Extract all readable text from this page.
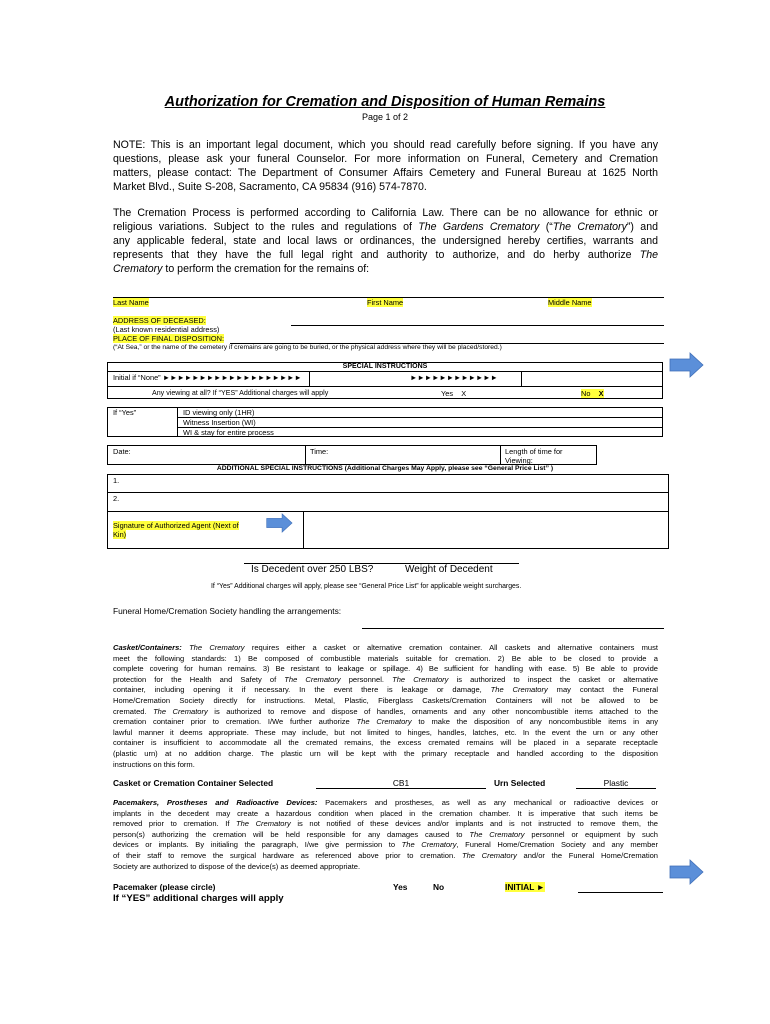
Authorization for Cremation and Disposition of Human Remains
Page 1 of 2
NOTE: This is an important legal document, which you should read carefully before signing. If you have any
questions, please ask your funeral Counselor. For more information on Funeral, Cemetery and Cremation
matters, please contact: The Department of Consumer Affairs Cemetery and Funeral Bureau at 1625 North
Market Blvd., Suite S-208, Sacramento, CA 95834 (916) 574-7870.
The Cremation Process is performed according to California Law. There can be no allowance for ethnic or
religious variations. Subject to the rules and regulations of The Gardens Crematory (“The Crematory”) and
any applicable federal, state and local laws or ordinances, the undersigned hereby certifies, warrants and
represents that they have the full legal right and authority to authorize, and do herby authorize The
Crematory to perform the cremation for the remains of:
Last Name	First Name	Middle Name
ADDRESS OF DECEASED:
(Last known residential address)
PLACE OF FINAL DISPOSITION:
(“At Sea,” or the name of the cemetery if cremains are going to be buried, or the physical address where they will be placed/stored.)
SPECIAL INSTRUCTIONS
Initial if “None” ►►►►►►►►►►►►►►►►►►►	►►►►►►►►►►►►
Any viewing at all? If “YES” Additional charges will apply	Yes X	No X
If “Yes”	ID viewing only (1HR)
Witness Insertion (WI)
WI & stay for entire process
Date:	Time:	Length of time for
Viewing:
ADDITIONAL SPECIAL INSTRUCTIONS (Additional Charges May Apply, please see “General Price List” )
1.
2.
Signature of Authorized Agent (Next of
Kin)
Is Decedent over 250 LBS?	Weight of Decedent
If “Yes” Additional charges will apply, please see “General Price List” for applicable weight surcharges.
Funeral Home/Cremation Society handling the arrangements:
Casket/Containers: The Crematory requires either a casket or alternative cremation container. All caskets and alternative containers must
meet the following standards: 1) Be composed of combustible materials suitable for cremation. 2) Be able to be closed to provide a
complete covering for human remains. 3) Be resistant to leakage or spillage. 4) Be sufficient for handling with ease. 5) Be able to provide
protection for the Health and Safety of The Crematory personnel. The Crematory is authorized to inspect the casket or alternative
container, including opening it if necessary. In the event there is leakage or damage, The Crematory may contact the Funeral
Home/Cremation Society directly for instructions. Metal, Plastic, Fiberglass Caskets/Cremation Containers will not be allowed to be
cremated. The Crematory is authorized to remove and dispose of handles, ornaments and any other noncombustible items attached to the
cremation container prior to cremation. I/We further authorize The Crematory to make the disposition of any noncombustible items in any
lawful manner it deems appropriate. These may include, but not limited to hinges, handles, latches, etc. In the event the urn or any other
container is insufficient to accommodate all the cremated remains, the excess cremated remains will be placed in a separate receptacle
(plastic urn) at no addition charge. The plastic urn will be kept with the primary receptacle and handled according to the disposition
instructions on this form.
Casket or Cremation Container Selected	CB1	Urn Selected	Plastic
Pacemakers, Prostheses and Radioactive Devices: Pacemakers and prostheses, as well as any mechanical or radioactive devices or
implants in the decedent may create a hazardous condition when placed in the cremation chamber. It is imperative that such items be
removed prior to cremation. If The Crematory is not notified of these devices and/or implants and is not instructed to remove them, the
person(s) authorizing the cremation will be held responsible for any damages caused to The Crematory personnel or equipment by such
devices or implants. By initialing the paragraph, I/we give permission to The Crematory, Funeral Home/Cremation Society and any member
of their staff to remove the surgical hardware as referenced above prior to cremation. The Crematory and/or the Funeral Home/Cremation
Society are authorized to dispose of the device(s) as deemed appropriate.
Pacemaker (please circle)	Yes	No	INITIAL ►
If “YES” additional charges will apply
